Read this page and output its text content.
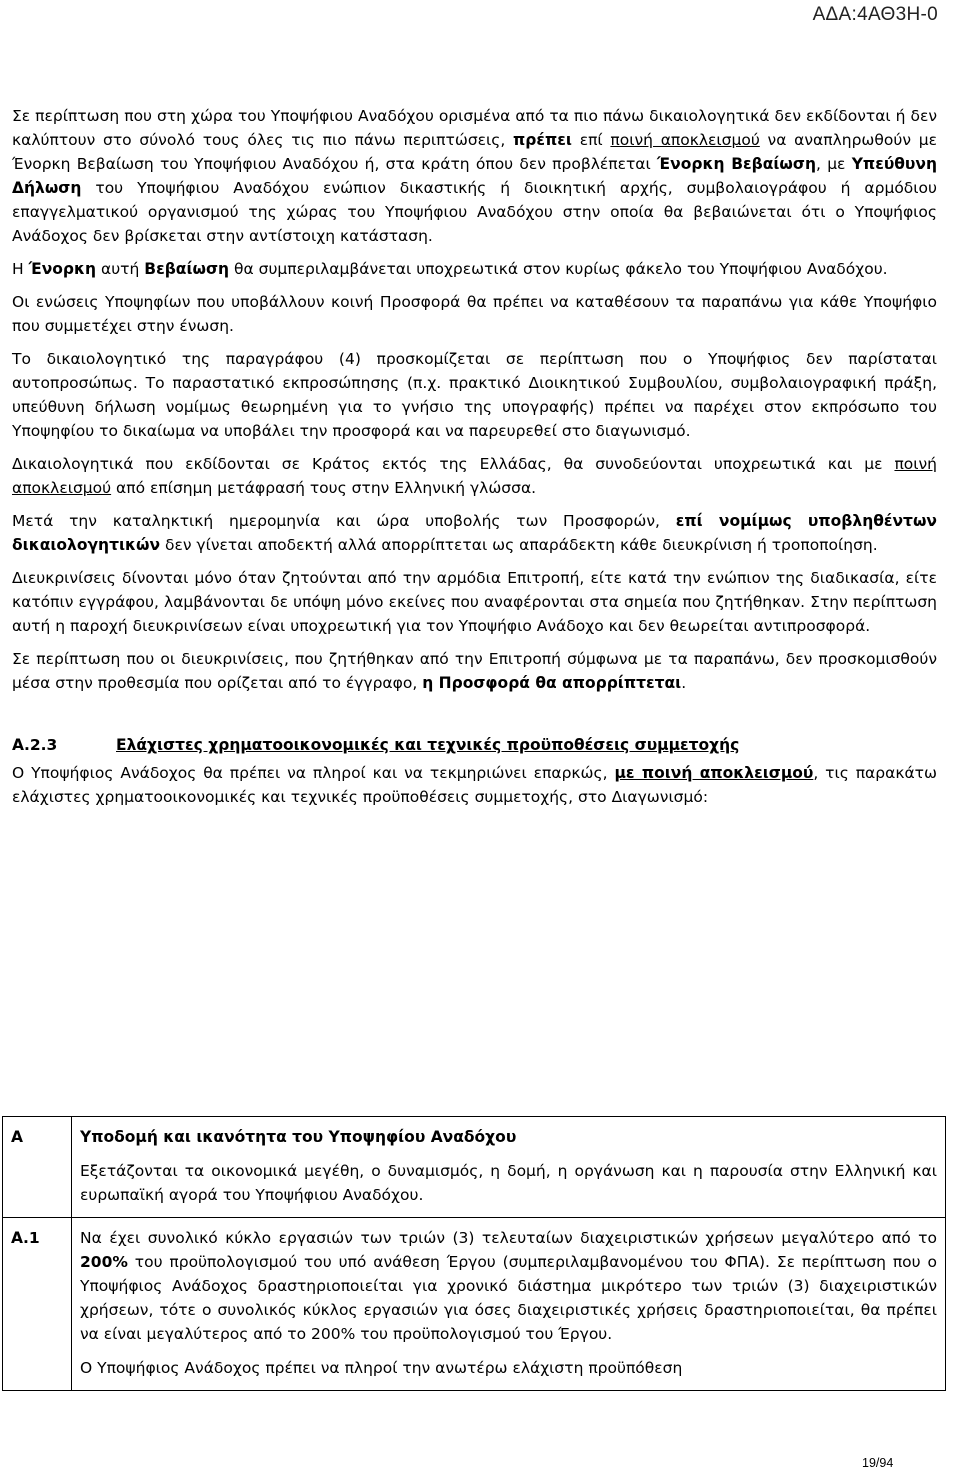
ΑΔΑ:4ΑΘ3Η-0

Σε περίπτωση που στη χώρα του Υποψήφιου Αναδόχου ορισμένα από τα πιο πάνω δικαιολογητικά δεν εκδίδονται ή δεν καλύπτουν στο σύνολό τους όλες τις πιο πάνω περιπτώσεις, πρέπει επί ποινή αποκλεισμού να αναπληρωθούν με Ένορκη Βεβαίωση του Υποψήφιου Αναδόχου ή, στα κράτη όπου δεν προβλέπεται Ένορκη Βεβαίωση, με Υπεύθυνη Δήλωση του Υποψήφιου Αναδόχου ενώπιον δικαστικής ή διοικητική αρχής, συμβολαιογράφου ή αρμόδιου επαγγελματικού οργανισμού της χώρας του Υποψήφιου Αναδόχου στην οποία θα βεβαιώνεται ότι ο Υποψήφιος Ανάδοχος δεν βρίσκεται στην αντίστοιχη κατάσταση.

Η Ένορκη αυτή Βεβαίωση θα συμπεριλαμβάνεται υποχρεωτικά στον κυρίως φάκελο του Υποψήφιου Αναδόχου.

Οι ενώσεις Υποψηφίων που υποβάλλουν κοινή Προσφορά θα πρέπει να καταθέσουν τα παραπάνω για κάθε Υποψήφιο που συμμετέχει στην ένωση.

Το δικαιολογητικό της παραγράφου (4) προσκομίζεται σε περίπτωση που ο Υποψήφιος δεν παρίσταται αυτοπροσώπως. Το παραστατικό εκπροσώπησης (π.χ. πρακτικό Διοικητικού Συμβουλίου, συμβολαιογραφική πράξη, υπεύθυνη δήλωση νομίμως θεωρημένη για το γνήσιο της υπογραφής) πρέπει να παρέχει στον εκπρόσωπο του Υποψηφίου το δικαίωμα να υποβάλει την προσφορά και να παρευρεθεί στο διαγωνισμό.

Δικαιολογητικά που εκδίδονται σε Κράτος εκτός της Ελλάδας, θα συνοδεύονται υποχρεωτικά και με ποινή αποκλεισμού από επίσημη μετάφρασή τους στην Ελληνική γλώσσα.

Μετά την καταληκτική ημερομηνία και ώρα υποβολής των Προσφορών, επί νομίμως υποβληθέντων δικαιολογητικών δεν γίνεται αποδεκτή αλλά απορρίπτεται ως απαράδεκτη κάθε διευκρίνιση ή τροποποίηση.

Διευκρινίσεις δίνονται μόνο όταν ζητούνται από την αρμόδια Επιτροπή, είτε κατά την ενώπιον της διαδικασία, είτε κατόπιν εγγράφου, λαμβάνονται δε υπόψη μόνο εκείνες που αναφέρονται στα σημεία που ζητήθηκαν. Στην περίπτωση αυτή η παροχή διευκρινίσεων είναι υποχρεωτική για τον Υποψήφιο Ανάδοχο και δεν θεωρείται αντιπροσφορά.

Σε περίπτωση που οι διευκρινίσεις, που ζητήθηκαν από την Επιτροπή σύμφωνα με τα παραπάνω, δεν προσκομισθούν μέσα στην προθεσμία που ορίζεται από το έγγραφο, η Προσφορά θα απορρίπτεται.

Α.2.3	Ελάχιστες χρηματοοικονομικές και τεχνικές προϋποθέσεις συμμετοχής

Ο Υποψήφιος Ανάδοχος θα πρέπει να πληροί και να τεκμηριώνει επαρκώς, με ποινή αποκλεισμού, τις παρακάτω ελάχιστες χρηματοοικονομικές και τεχνικές προϋποθέσεις συμμετοχής, στο Διαγωνισμό:

Α	Υποδομή και ικανότητα του Υποψηφίου Αναδόχου

Εξετάζονται τα οικονομικά μεγέθη, ο δυναμισμός, η δομή, η οργάνωση και η παρουσία στην Ελληνική και ευρωπαϊκή αγορά του Υποψήφιου Αναδόχου.

Α.1	Να έχει συνολικό κύκλο εργασιών των τριών (3) τελευταίων διαχειριστικών χρήσεων μεγαλύτερο από το 200% του προϋπολογισμού του υπό ανάθεση Έργου (συμπεριλαμβανομένου του ΦΠΑ). Σε περίπτωση που ο Υποψήφιος Ανάδοχος δραστηριοποιείται για χρονικό διάστημα μικρότερο των τριών (3) διαχειριστικών χρήσεων, τότε ο συνολικός κύκλος εργασιών για όσες διαχειριστικές χρήσεις δραστηριοποιείται, θα πρέπει να είναι μεγαλύτερος από το 200% του προϋπολογισμού του Έργου.

Ο Υποψήφιος Ανάδοχος πρέπει να πληροί την ανωτέρω ελάχιστη προϋπόθεση

19/94
